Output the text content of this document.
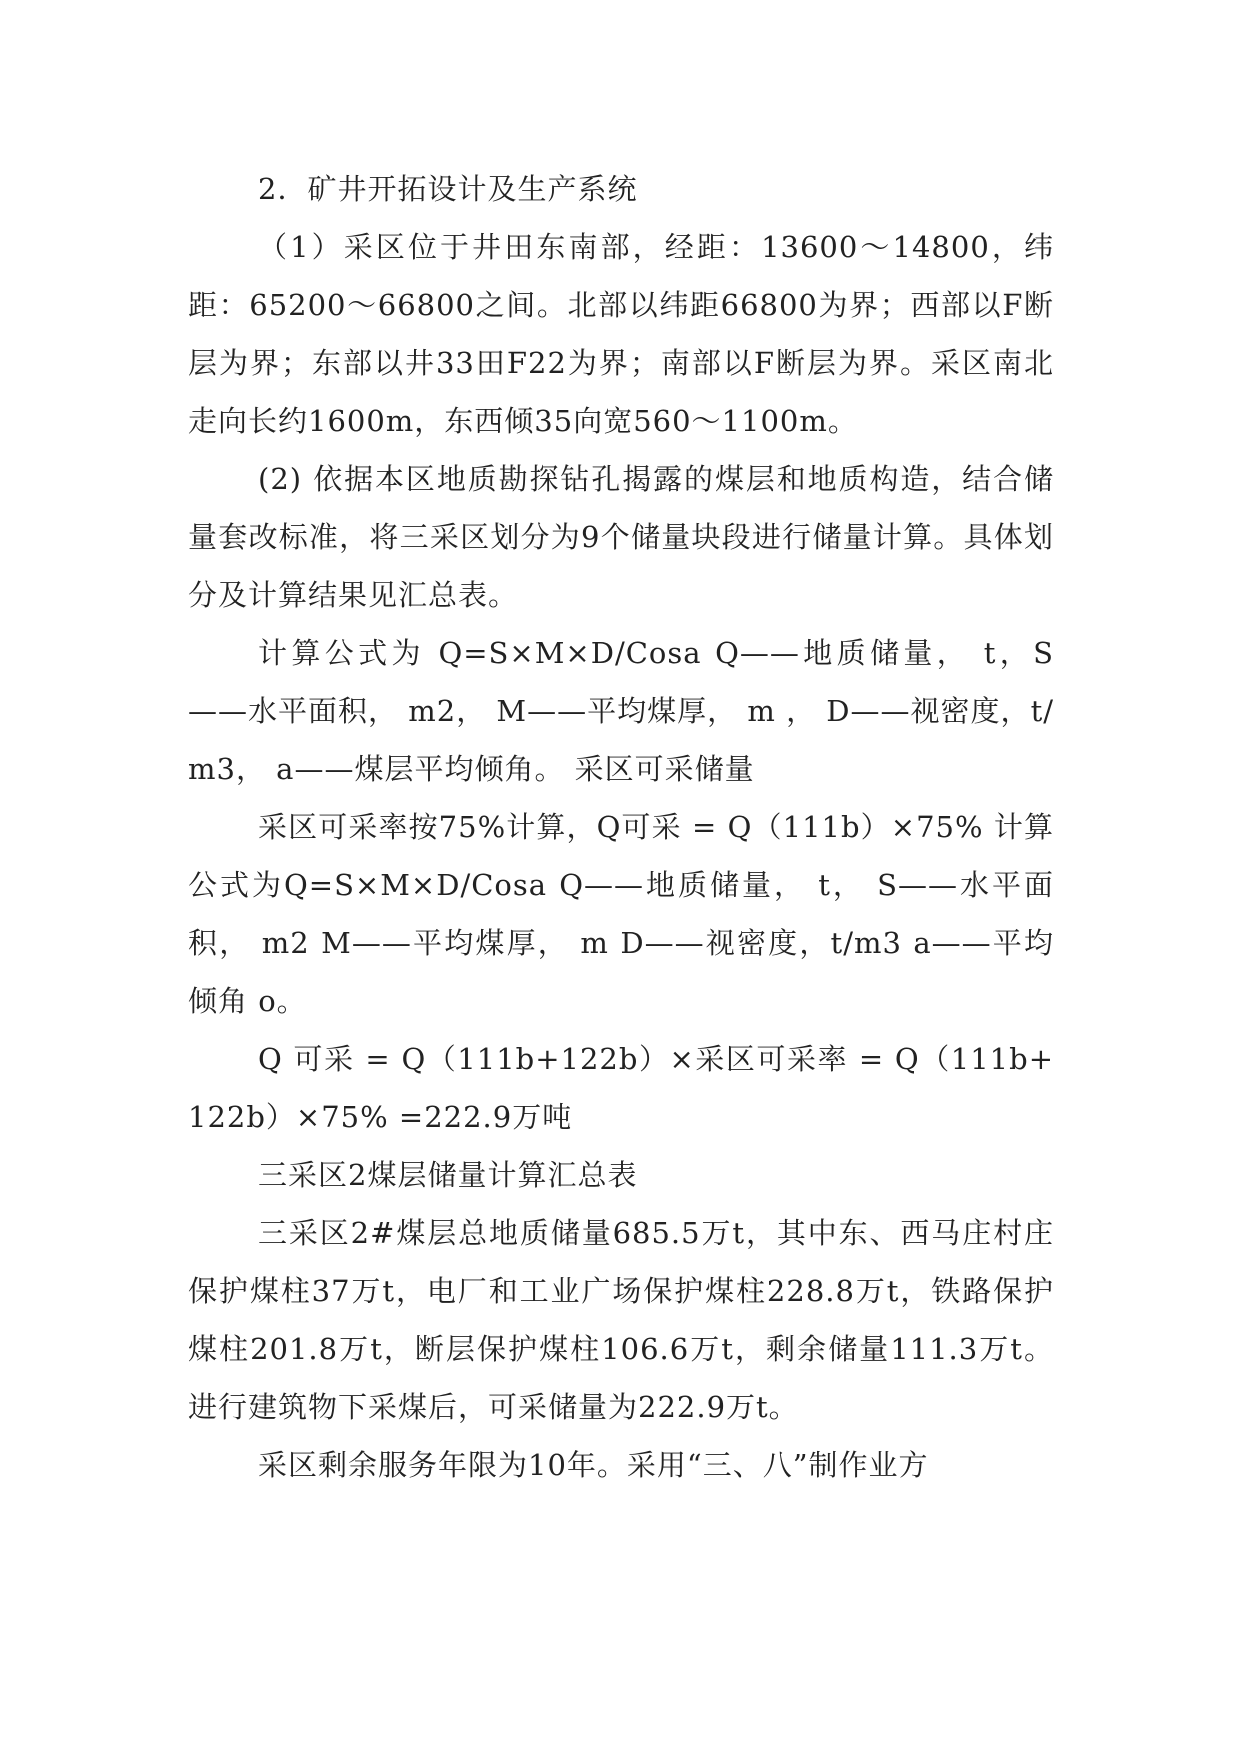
2．矿井开拓设计及生产系统

（1）采区位于井田东南部，经距：13600～14800，纬距：65200～66800之间。北部以纬距66800为界；西部以F断层为界；东部以井33田F22为界；南部以F断层为界。采区南北走向长约1600m，东西倾35向宽560～1100m。

(2) 依据本区地质勘探钻孔揭露的煤层和地质构造，结合储量套改标准，将三采区划分为9个储量块段进行储量计算。具体划分及计算结果见汇总表。

计算公式为 Q=S×M×D/Cosa Q——地质储量， t，S——水平面积， m2， M——平均煤厚， m ， D——视密度，t/m3， a——煤层平均倾角。 采区可采储量

采区可采率按75%计算，Q可采 = Q（111b）×75% 计算公式为Q=S×M×D/Cosa Q——地质储量， t， S——水平面积， m2 M——平均煤厚， m D——视密度，t/m3 a——平均倾角 o。

Q 可采 = Q（111b+122b）×采区可采率 = Q（111b+122b）×75% =222.9万吨

三采区2煤层储量计算汇总表

三采区2#煤层总地质储量685.5万t，其中东、西马庄村庄保护煤柱37万t，电厂和工业广场保护煤柱228.8万t，铁路保护煤柱201.8万t，断层保护煤柱106.6万t，剩余储量111.3万t。进行建筑物下采煤后，可采储量为222.9万t。

采区剩余服务年限为10年。采用“三、八”制作业方
